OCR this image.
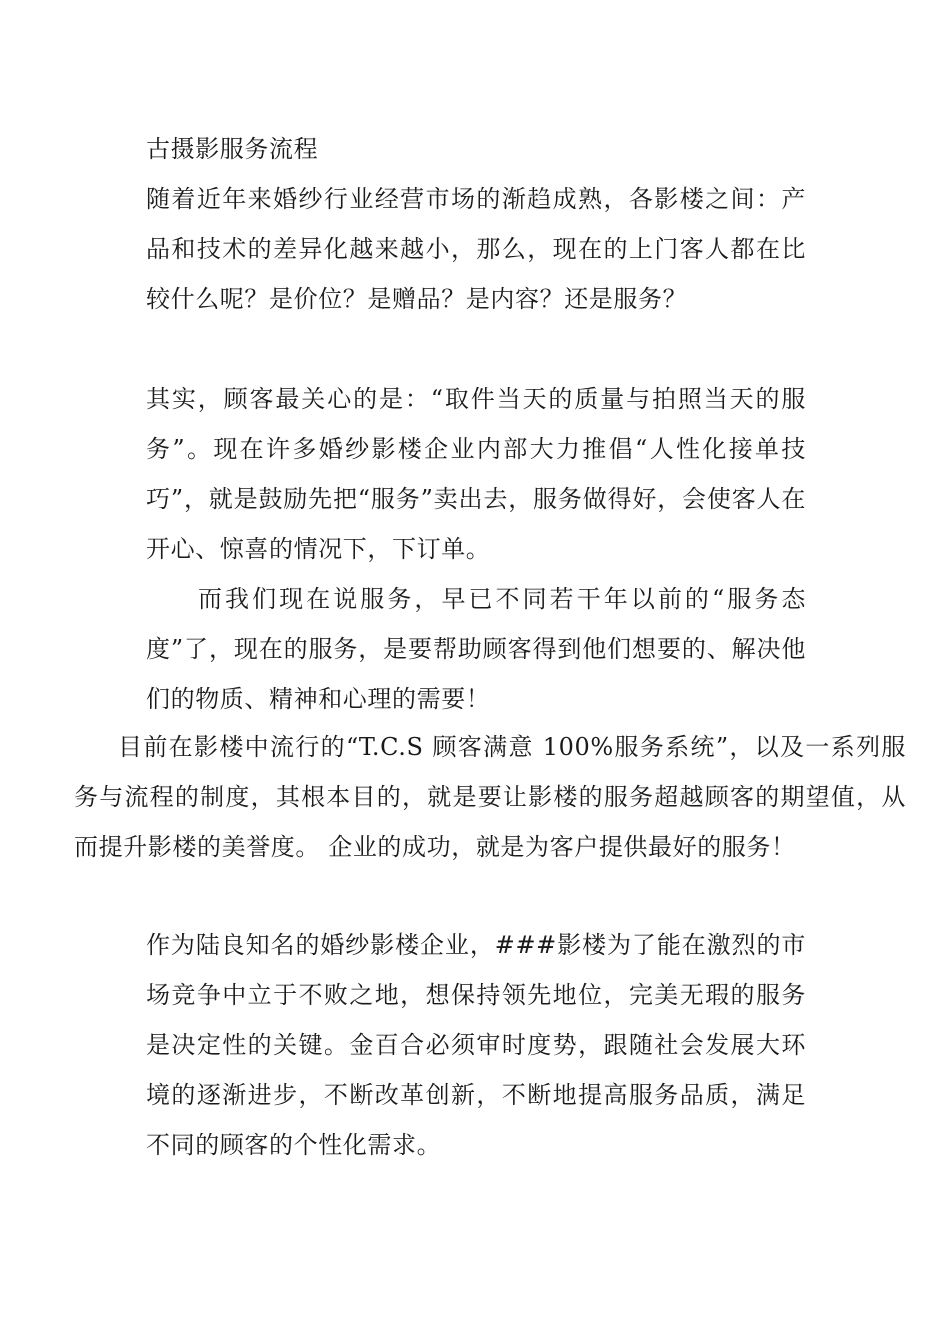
古摄影服务流程

随着近年来婚纱行业经营市场的渐趋成熟，各影楼之间：产品和技术的差异化越来越小，那么，现在的上门客人都在比较什么呢？是价位？是赠品？是内容？还是服务？

其实，顾客最关心的是：“取件当天的质量与拍照当天的服务”。现在许多婚纱影楼企业内部大力推倡“人性化接单技巧”，就是鼓励先把“服务”卖出去，服务做得好，会使客人在开心、惊喜的情况下，下订单。

而我们现在说服务，早已不同若干年以前的“服务态度”了，现在的服务，是要帮助顾客得到他们想要的、解决他们的物质、精神和心理的需要！

目前在影楼中流行的“T.C.S 顾客满意 100%服务系统”，以及一系列服务与流程的制度，其根本目的，就是要让影楼的服务超越顾客的期望值，从而提升影楼的美誉度。 企业的成功，就是为客户提供最好的服务！

作为陆良知名的婚纱影楼企业，###影楼为了能在激烈的市场竞争中立于不败之地，想保持领先地位，完美无瑕的服务是决定性的关键。金百合必须审时度势，跟随社会发展大环境的逐渐进步，不断改革创新，不断地提高服务品质，满足不同的顾客的个性化需求。
